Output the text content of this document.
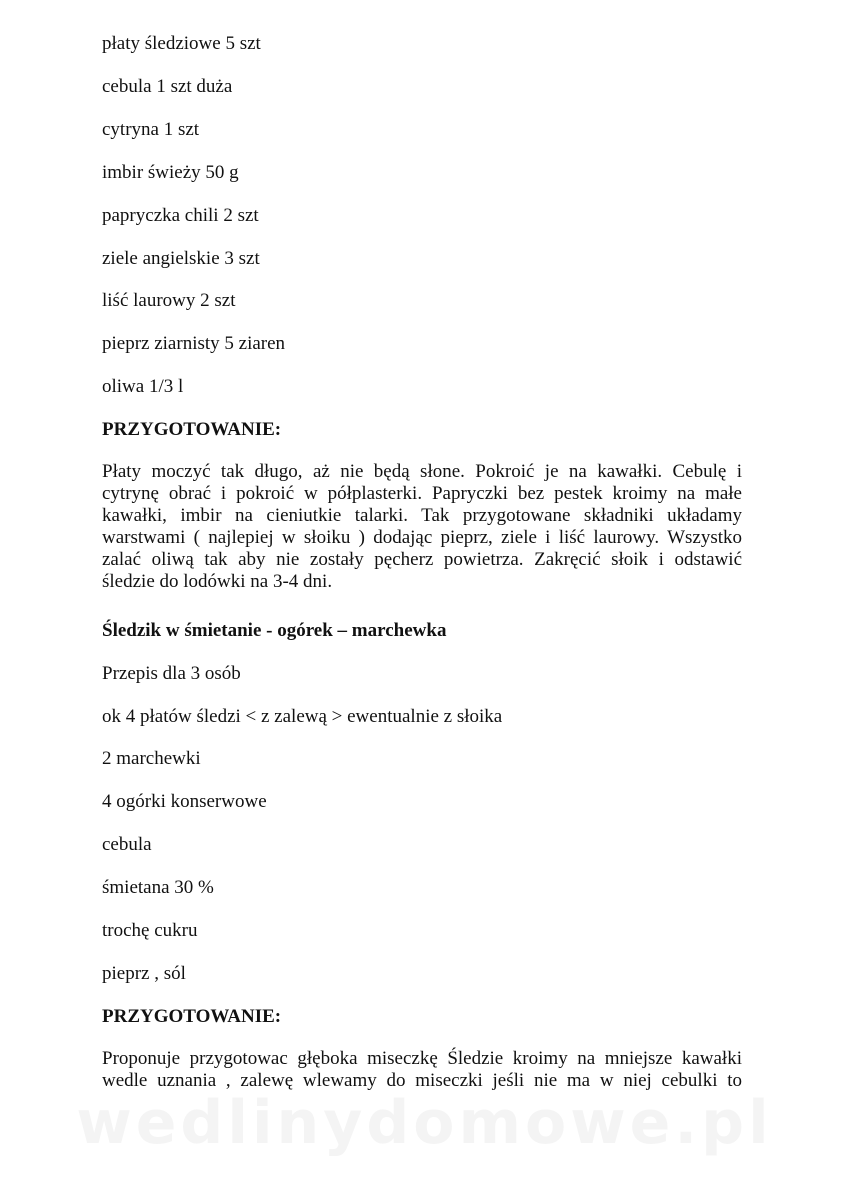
płaty śledziowe 5 szt
cebula 1 szt duża
cytryna 1 szt
imbir świeży 50 g
papryczka chili 2 szt
ziele angielskie 3 szt
liść laurowy 2 szt
pieprz ziarnisty 5 ziaren
oliwa 1/3 l
PRZYGOTOWANIE:
Płaty moczyć tak długo, aż nie będą słone. Pokroić je na kawałki. Cebulę i
cytrynę obrać i pokroić w półplasterki. Papryczki bez pestek kroimy na małe
kawałki, imbir na cieniutkie talarki. Tak przygotowane składniki układamy
warstwami ( najlepiej w słoiku ) dodając pieprz, ziele i liść laurowy. Wszystko
zalać oliwą tak aby nie zostały pęcherz powietrza. Zakręcić słoik i odstawić
śledzie do lodówki na 3-4 dni.
Śledzik w śmietanie - ogórek – marchewka
Przepis dla 3 osób
ok 4 płatów śledzi < z zalewą > ewentualnie z słoika
2 marchewki
4 ogórki konserwowe
cebula
śmietana 30 %
trochę cukru
pieprz , sól
PRZYGOTOWANIE:
Proponuje przygotowac głęboka miseczkę Śledzie kroimy na mniejsze kawałki
wedle uznania , zalewę wlewamy do miseczki jeśli nie ma w niej cebulki to
wedlinydomowe.pl
